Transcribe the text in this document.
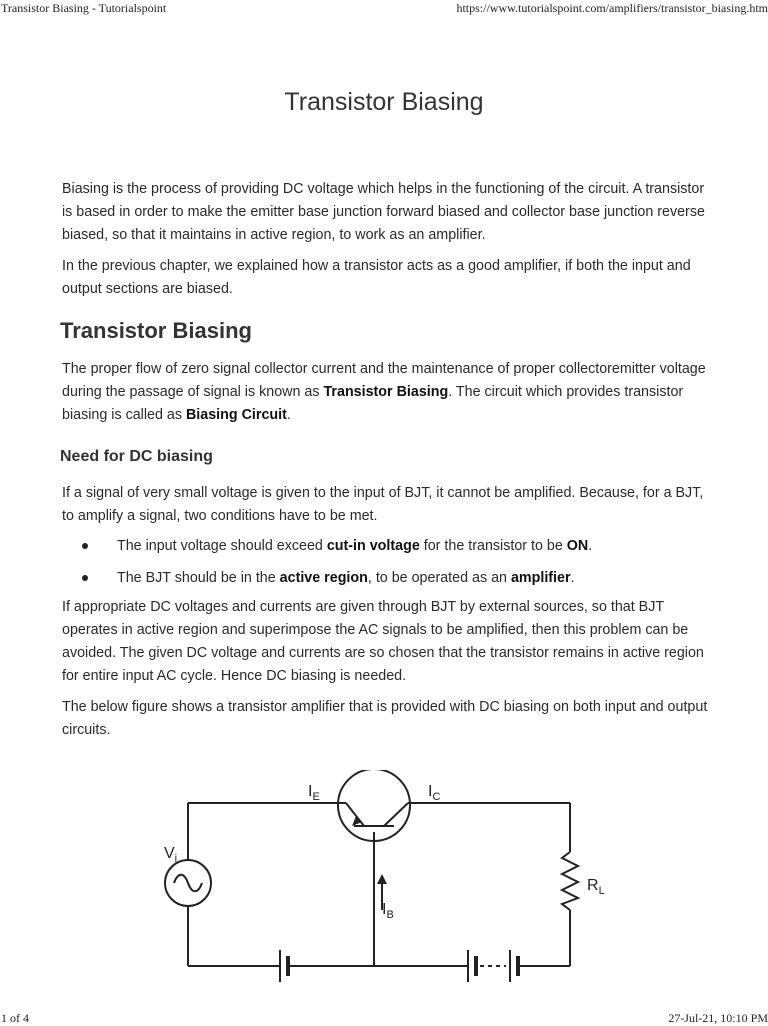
Transistor Biasing - Tutorialspoint	https://www.tutorialspoint.com/amplifiers/transistor_biasing.htm
Transistor Biasing

Biasing is the process of providing DC voltage which helps in the functioning of the circuit. A transistor is based in order to make the emitter base junction forward biased and collector base junction reverse biased, so that it maintains in active region, to work as an amplifier.

In the previous chapter, we explained how a transistor acts as a good amplifier, if both the input and output sections are biased.

Transistor Biasing

The proper flow of zero signal collector current and the maintenance of proper collectoremitter voltage during the passage of signal is known as Transistor Biasing. The circuit which provides transistor biasing is called as Biasing Circuit.

Need for DC biasing

If a signal of very small voltage is given to the input of BJT, it cannot be amplified. Because, for a BJT, to amplify a signal, two conditions have to be met.

The input voltage should exceed cut-in voltage for the transistor to be ON.
The BJT should be in the active region, to be operated as an amplifier.

If appropriate DC voltages and currents are given through BJT by external sources, so that BJT operates in active region and superimpose the AC signals to be amplified, then this problem can be avoided. The given DC voltage and currents are so chosen that the transistor remains in active region for entire input AC cycle. Hence DC biasing is needed.

The below figure shows a transistor amplifier that is provided with DC biasing on both input and output circuits.

$I_E$	$I_C$
$V_i$
$I_B$
$R_L$
1 of 4	27-Jul-21, 10:10 PM
